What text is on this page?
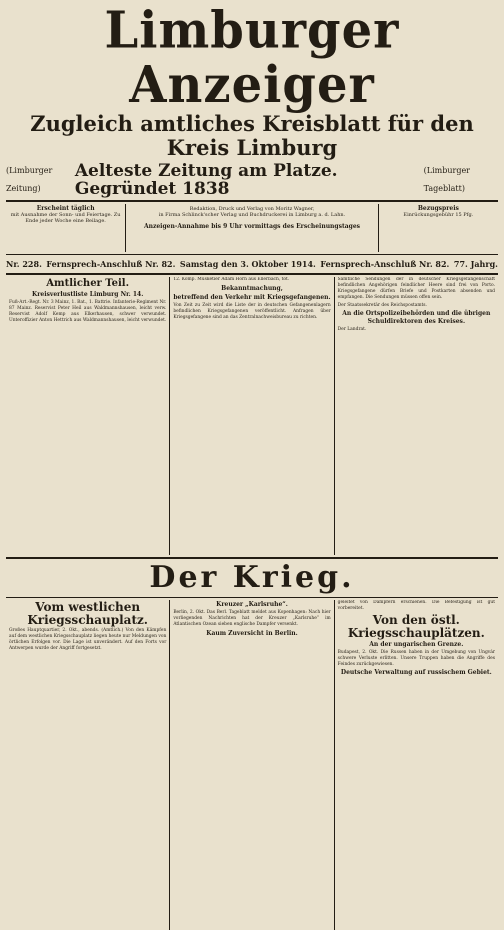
Limburger Anzeiger
Zugleich amtliches Kreisblatt für den Kreis Limburg
(Limburger Zeitung)
Aelteste Zeitung am Platze. Gegründet 1838
(Limburger Tageblatt)
Erscheint täglich
mit Ausnahme der Sonn- und Feiertage. Zu Ende jeder Woche eine Beilage.
Redaktion, Druck und Verlag von Moritz Wagner,
in Firma Schlinck'scher Verlag und Buchdruckerei in Limburg a. d. Lahn.

Anzeigen-Annahme bis 9 Uhr vormittags des Erscheinungstages
Bezugspreis
Einrückungsgebühr 15 Pfg.
Nr. 228. Fernsprech-Anschluß Nr. 82. Samstag den 3. Oktober 1914. Fernsprech-Anschluß Nr. 82. 77. Jahrg.
Amtlicher Teil.
Kreisverlustliste Limburg Nr. 14.

Fuß-Art.-Regt. Nr. 3 Mainz, 1. Bat., 1. Battrie. Infanterie-Regiment Nr. 87 Mainz. Reservist Peter Heil aus Waldmannshausen, leicht verw. Reservist Adolf Kemp aus Elkerhausen, schwer verwundet. Unteroffizier Anton Hettrich aus Waldmannshausen, leicht verwundet.

12. Komp. Musketier Adam Horn aus Ellerbach, tot.

Bekanntmachung,
betreffend den Verkehr mit Kriegsgefangenen.

Von Zeit zu Zeit wird die Liste der in deutschen Gefangenenlagern befindlichen Kriegsgefangenen veröffentlicht. Anfragen über Kriegsgefangene sind an das Zentralnachweisbureau zu richten.

Sämtliche Sendungen der in deutscher Kriegsgefangenschaft befindlichen Angehörigen feindlicher Heere sind frei von Porto. Kriegsgefangene dürfen Briefe und Postkarten absenden und empfangen. Die Sendungen müssen offen sein.

Der Staatssekretär des Reichspostamts.

An die Ortspolizeibehörden und die übrigen Schuldirektoren des Kreises.

Der Landrat.

Der Krieg.
Vom westlichen Kriegsschauplatz.

Großes Hauptquartier, 2. Okt., abends. (Amtlich.) Von den Kämpfen auf dem westlichen Kriegsschauplatz liegen heute nur Meldungen von örtlichen Erfolgen vor. Die Lage ist unverändert. Auf den Forts vor Antwerpen wurde der Angriff fortgesetzt.

Kreuzer „Karlsruhe“.

Berlin, 2. Okt. Das Berl. Tageblatt meldet aus Kopenhagen: Nach hier vorliegenden Nachrichten hat der Kreuzer „Karlsruhe“ im Atlantischen Ozean sieben englische Dampfer versenkt.

Kaum Zuversicht in Berlin.

geleitet von Dampfern erschienen. Die Befestigung ist gut vorbereitet.

Von den östl. Kriegsschauplätzen.
An der ungarischen Grenze.

Budapest, 2. Okt. Die Russen haben in der Umgebung von Ungvár schwere Verluste erlitten. Unsere Truppen haben die Angriffe des Feindes zurückgewiesen.

Deutsche Verwaltung auf russischem Gebiet.
